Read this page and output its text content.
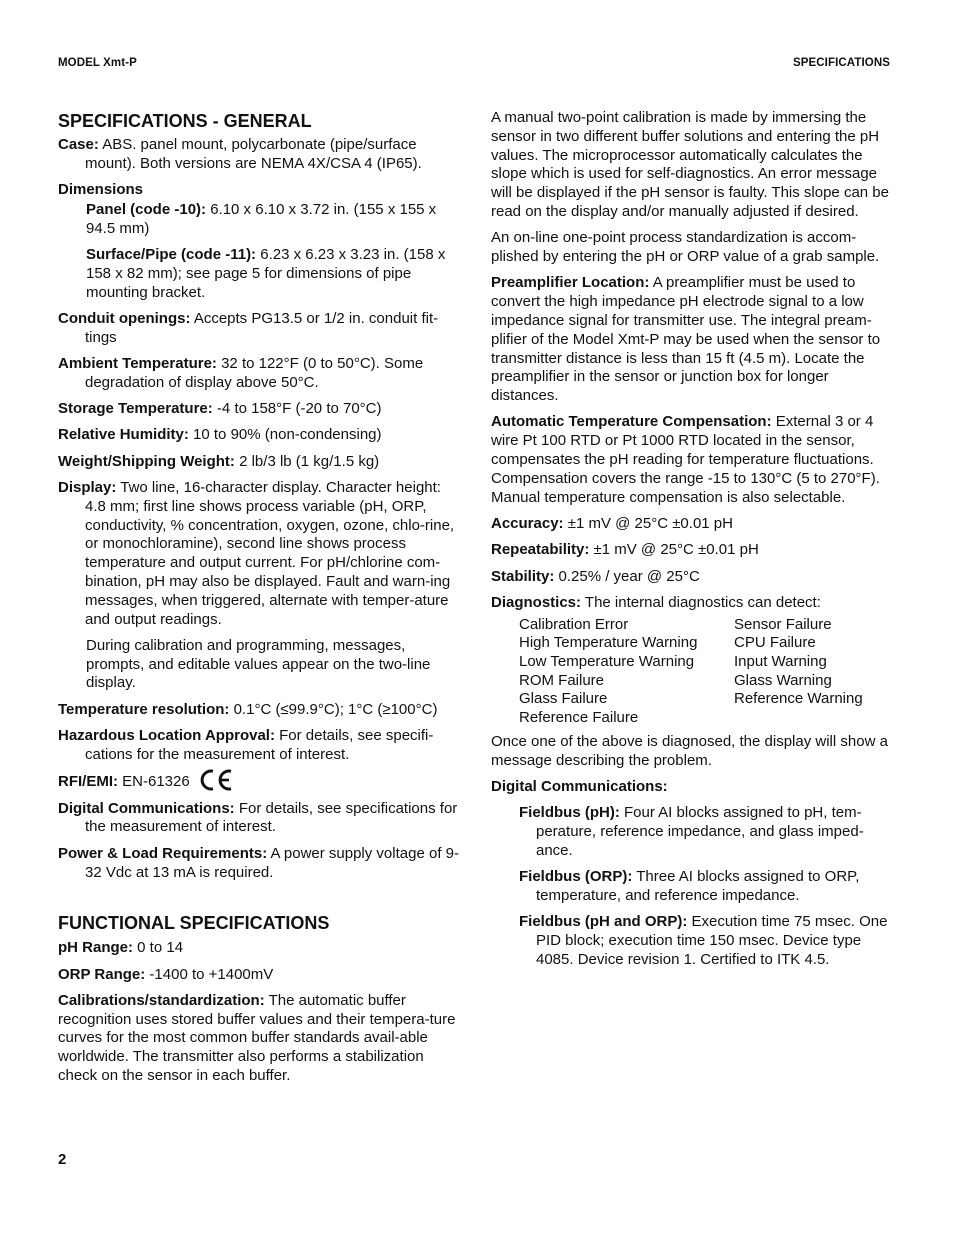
MODEL Xmt-P	SPECIFICATIONS
SPECIFICATIONS - GENERAL

Case: ABS. panel mount, polycarbonate (pipe/surface mount). Both versions are NEMA 4X/CSA 4 (IP65).

Dimensions

Panel (code -10): 6.10 x 6.10 x 3.72 in. (155 x 155 x 94.5 mm)

Surface/Pipe (code -11): 6.23 x 6.23 x 3.23 in. (158 x 158 x 82 mm); see page 5 for dimensions of pipe mounting bracket.

Conduit openings: Accepts PG13.5 or 1/2 in. conduit fit-tings

Ambient Temperature: 32 to 122°F (0 to 50°C). Some degradation of display above 50°C.

Storage Temperature: -4 to 158°F (-20 to 70°C)

Relative Humidity: 10 to 90% (non-condensing)

Weight/Shipping Weight: 2 lb/3 lb (1 kg/1.5 kg)

Display: Two line, 16-character display. Character height: 4.8 mm; first line shows process variable (pH, ORP, conductivity, % concentration, oxygen, ozone, chlo-rine, or monochloramine), second line shows process temperature and output current. For pH/chlorine com-bination, pH may also be displayed. Fault and warn-ing messages, when triggered, alternate with temper-ature and output readings.

During calibration and programming, messages, prompts, and editable values appear on the two-line display.

Temperature resolution: 0.1°C (≤99.9°C); 1°C (≥100°C)

Hazardous Location Approval: For details, see specifi-cations for the measurement of interest.

RFI/EMI: EN-61326

Digital Communications: For details, see specifications for the measurement of interest.

Power & Load Requirements: A power supply voltage of 9-32 Vdc at 13 mA is required.

FUNCTIONAL SPECIFICATIONS

pH Range: 0 to 14

ORP Range: -1400 to +1400mV

Calibrations/standardization: The automatic buffer recognition uses stored buffer values and their tempera-ture curves for the most common buffer standards avail-able worldwide. The transmitter also performs a stabilization check on the sensor in each buffer.

A manual two-point calibration is made by immersing the sensor in two different buffer solutions and entering the pH values. The microprocessor automatically calculates the slope which is used for self-diagnostics. An error message will be displayed if the pH sensor is faulty. This slope can be read on the display and/or manually adjusted if desired.

An on-line one-point process standardization is accom-plished by entering the pH or ORP value of a grab sample.

Preamplifier Location: A preamplifier must be used to convert the high impedance pH electrode signal to a low impedance signal for transmitter use. The integral pream-plifier of the Model Xmt-P may be used when the sensor to transmitter distance is less than 15 ft (4.5 m). Locate the preamplifier in the sensor or junction box for longer distances.

Automatic Temperature Compensation: External 3 or 4 wire Pt 100 RTD or Pt 1000 RTD located in the sensor, compensates the pH reading for temperature fluctuations. Compensation covers the range -15 to 130°C (5 to 270°F). Manual temperature compensation is also selectable.

Accuracy: ±1 mV @ 25°C ±0.01 pH

Repeatability: ±1 mV @ 25°C ±0.01 pH

Stability: 0.25% / year @ 25°C

Diagnostics: The internal diagnostics can detect:

Calibration Error	Sensor Failure
High Temperature Warning	CPU Failure
Low Temperature Warning	Input Warning
ROM Failure	Glass Warning
Glass Failure	Reference Warning
Reference Failure

Once one of the above is diagnosed, the display will show a message describing the problem.

Digital Communications:

Fieldbus (pH): Four AI blocks assigned to pH, tem-perature, reference impedance, and glass imped-ance.

Fieldbus (ORP): Three AI blocks assigned to ORP, temperature, and reference impedance.

Fieldbus (pH and ORP): Execution time 75 msec. One PID block; execution time 150 msec. Device type 4085. Device revision 1. Certified to ITK 4.5.

2
